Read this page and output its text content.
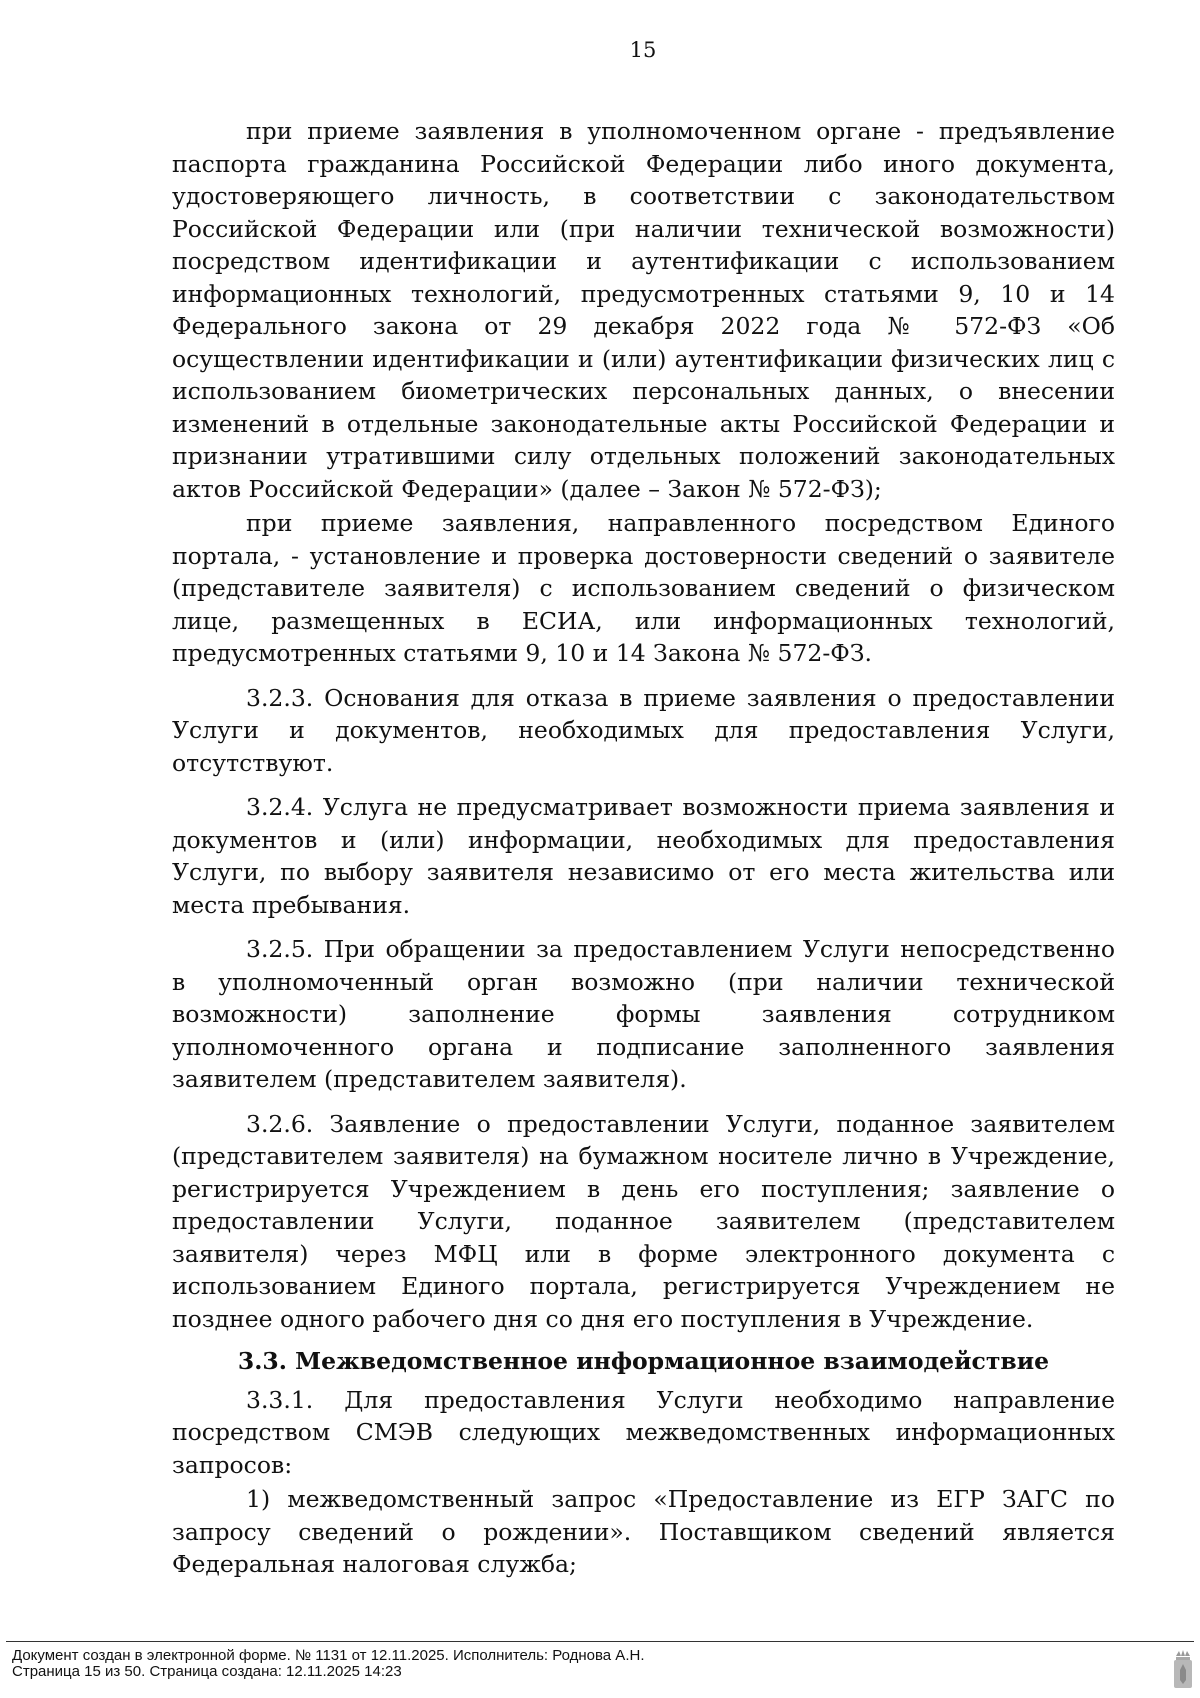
15

при приеме заявления в уполномоченном органе - предъявление паспорта гражданина Российской Федерации либо иного документа, удостоверяющего личность, в соответствии с законодательством Российской Федерации или (при наличии технической возможности) посредством идентификации и аутентификации с использованием информационных технологий, предусмотренных статьями 9, 10 и 14 Федерального закона от 29 декабря 2022 года № 572-ФЗ «Об осуществлении идентификации и (или) аутентификации физических лиц с использованием биометрических персональных данных, о внесении изменений в отдельные законодательные акты Российской Федерации и признании утратившими силу отдельных положений законодательных актов Российской Федерации» (далее – Закон № 572-ФЗ);

при приеме заявления, направленного посредством Единого портала, - установление и проверка достоверности сведений о заявителе (представителе заявителя) с использованием сведений о физическом лице, размещенных в ЕСИА, или информационных технологий, предусмотренных статьями 9, 10 и 14 Закона № 572-ФЗ.

3.2.3. Основания для отказа в приеме заявления о предоставлении Услуги и документов, необходимых для предоставления Услуги, отсутствуют.

3.2.4. Услуга не предусматривает возможности приема заявления и документов и (или) информации, необходимых для предоставления Услуги, по выбору заявителя независимо от его места жительства или места пребывания.

3.2.5. При обращении за предоставлением Услуги непосредственно в уполномоченный орган возможно (при наличии технической возможности) заполнение формы заявления сотрудником уполномоченного органа и подписание заполненного заявления заявителем (представителем заявителя).

3.2.6. Заявление о предоставлении Услуги, поданное заявителем (представителем заявителя) на бумажном носителе лично в Учреждение, регистрируется Учреждением в день его поступления; заявление о предоставлении Услуги, поданное заявителем (представителем заявителя) через МФЦ или в форме электронного документа с использованием Единого портала, регистрируется Учреждением не позднее одного рабочего дня со дня его поступления в Учреждение.

3.3. Межведомственное информационное взаимодействие

3.3.1. Для предоставления Услуги необходимо направление посредством СМЭВ следующих межведомственных информационных запросов:

1) межведомственный запрос «Предоставление из ЕГР ЗАГС по запросу сведений о рождении». Поставщиком сведений является Федеральная налоговая служба;

Документ создан в электронной форме. № 1131 от 12.11.2025. Исполнитель: Роднова А.Н.
Страница 15 из 50. Страница создана: 12.11.2025 14:23
